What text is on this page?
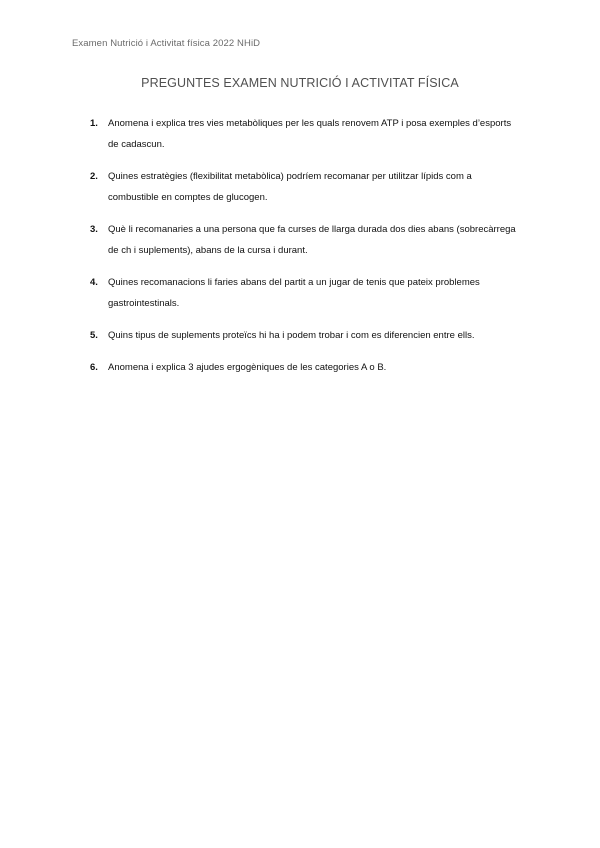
Examen Nutrició i Activitat física 2022 NHiD
PREGUNTES EXAMEN NUTRICIÓ I ACTIVITAT FÍSICA
1.	Anomena i explica tres vies metabòliques per les quals renovem ATP i posa exemples d’esports de cadascun.
2.	Quines estratègies (flexibilitat metabòlica) podríem recomanar per utilitzar lípids com a combustible en comptes de glucogen.
3.	Què li recomanaries a una persona que fa curses de llarga durada dos dies abans (sobrecàrrega de ch i suplements), abans de la cursa i durant.
4.	Quines recomanacions li faries abans del partit a un jugar de tenis que pateix problemes gastrointestinals.
5.	Quins tipus de suplements proteïcs hi ha i podem trobar i com es diferencien entre ells.
6.	Anomena i explica 3 ajudes ergogèniques de les categories A o B.
